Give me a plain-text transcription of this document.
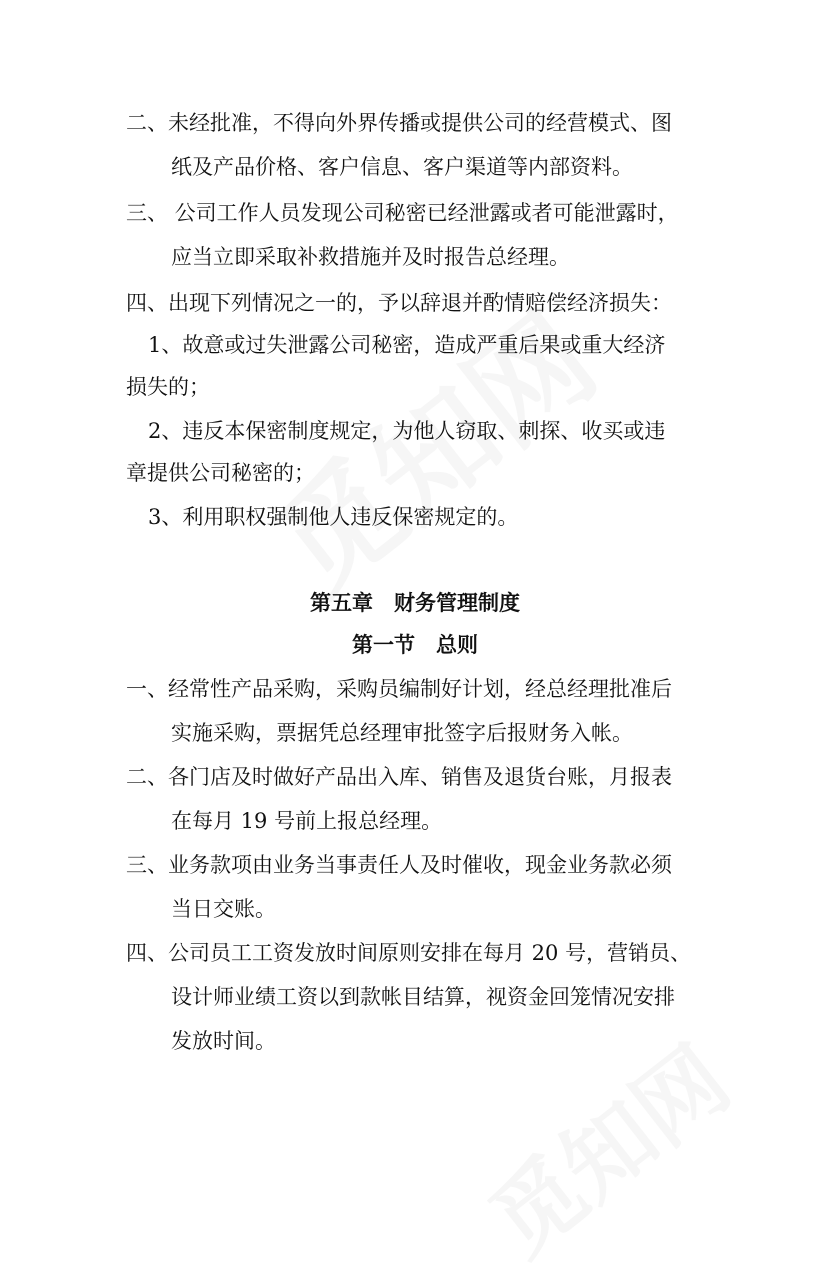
二、未经批准，不得向外界传播或提供公司的经营模式、图
纸及产品价格、客户信息、客户渠道等内部资料。
三、 公司工作人员发现公司秘密已经泄露或者可能泄露时，
应当立即采取补救措施并及时报告总经理。
四、出现下列情况之一的，予以辞退并酌情赔偿经济损失：
1、故意或过失泄露公司秘密，造成严重后果或重大经济
损失的；
2、违反本保密制度规定，为他人窃取、刺探、收买或违
章提供公司秘密的；
3、利用职权强制他人违反保密规定的。
第五章　财务管理制度
第一节　总则
一、经常性产品采购，采购员编制好计划，经总经理批准后
实施采购，票据凭总经理审批签字后报财务入帐。
二、各门店及时做好产品出入库、销售及退货台账，月报表
在每月 19 号前上报总经理。
三、业务款项由业务当事责任人及时催收，现金业务款必须
当日交账。
四、公司员工工资发放时间原则安排在每月 20 号，营销员、
设计师业绩工资以到款帐目结算，视资金回笼情况安排
发放时间。
